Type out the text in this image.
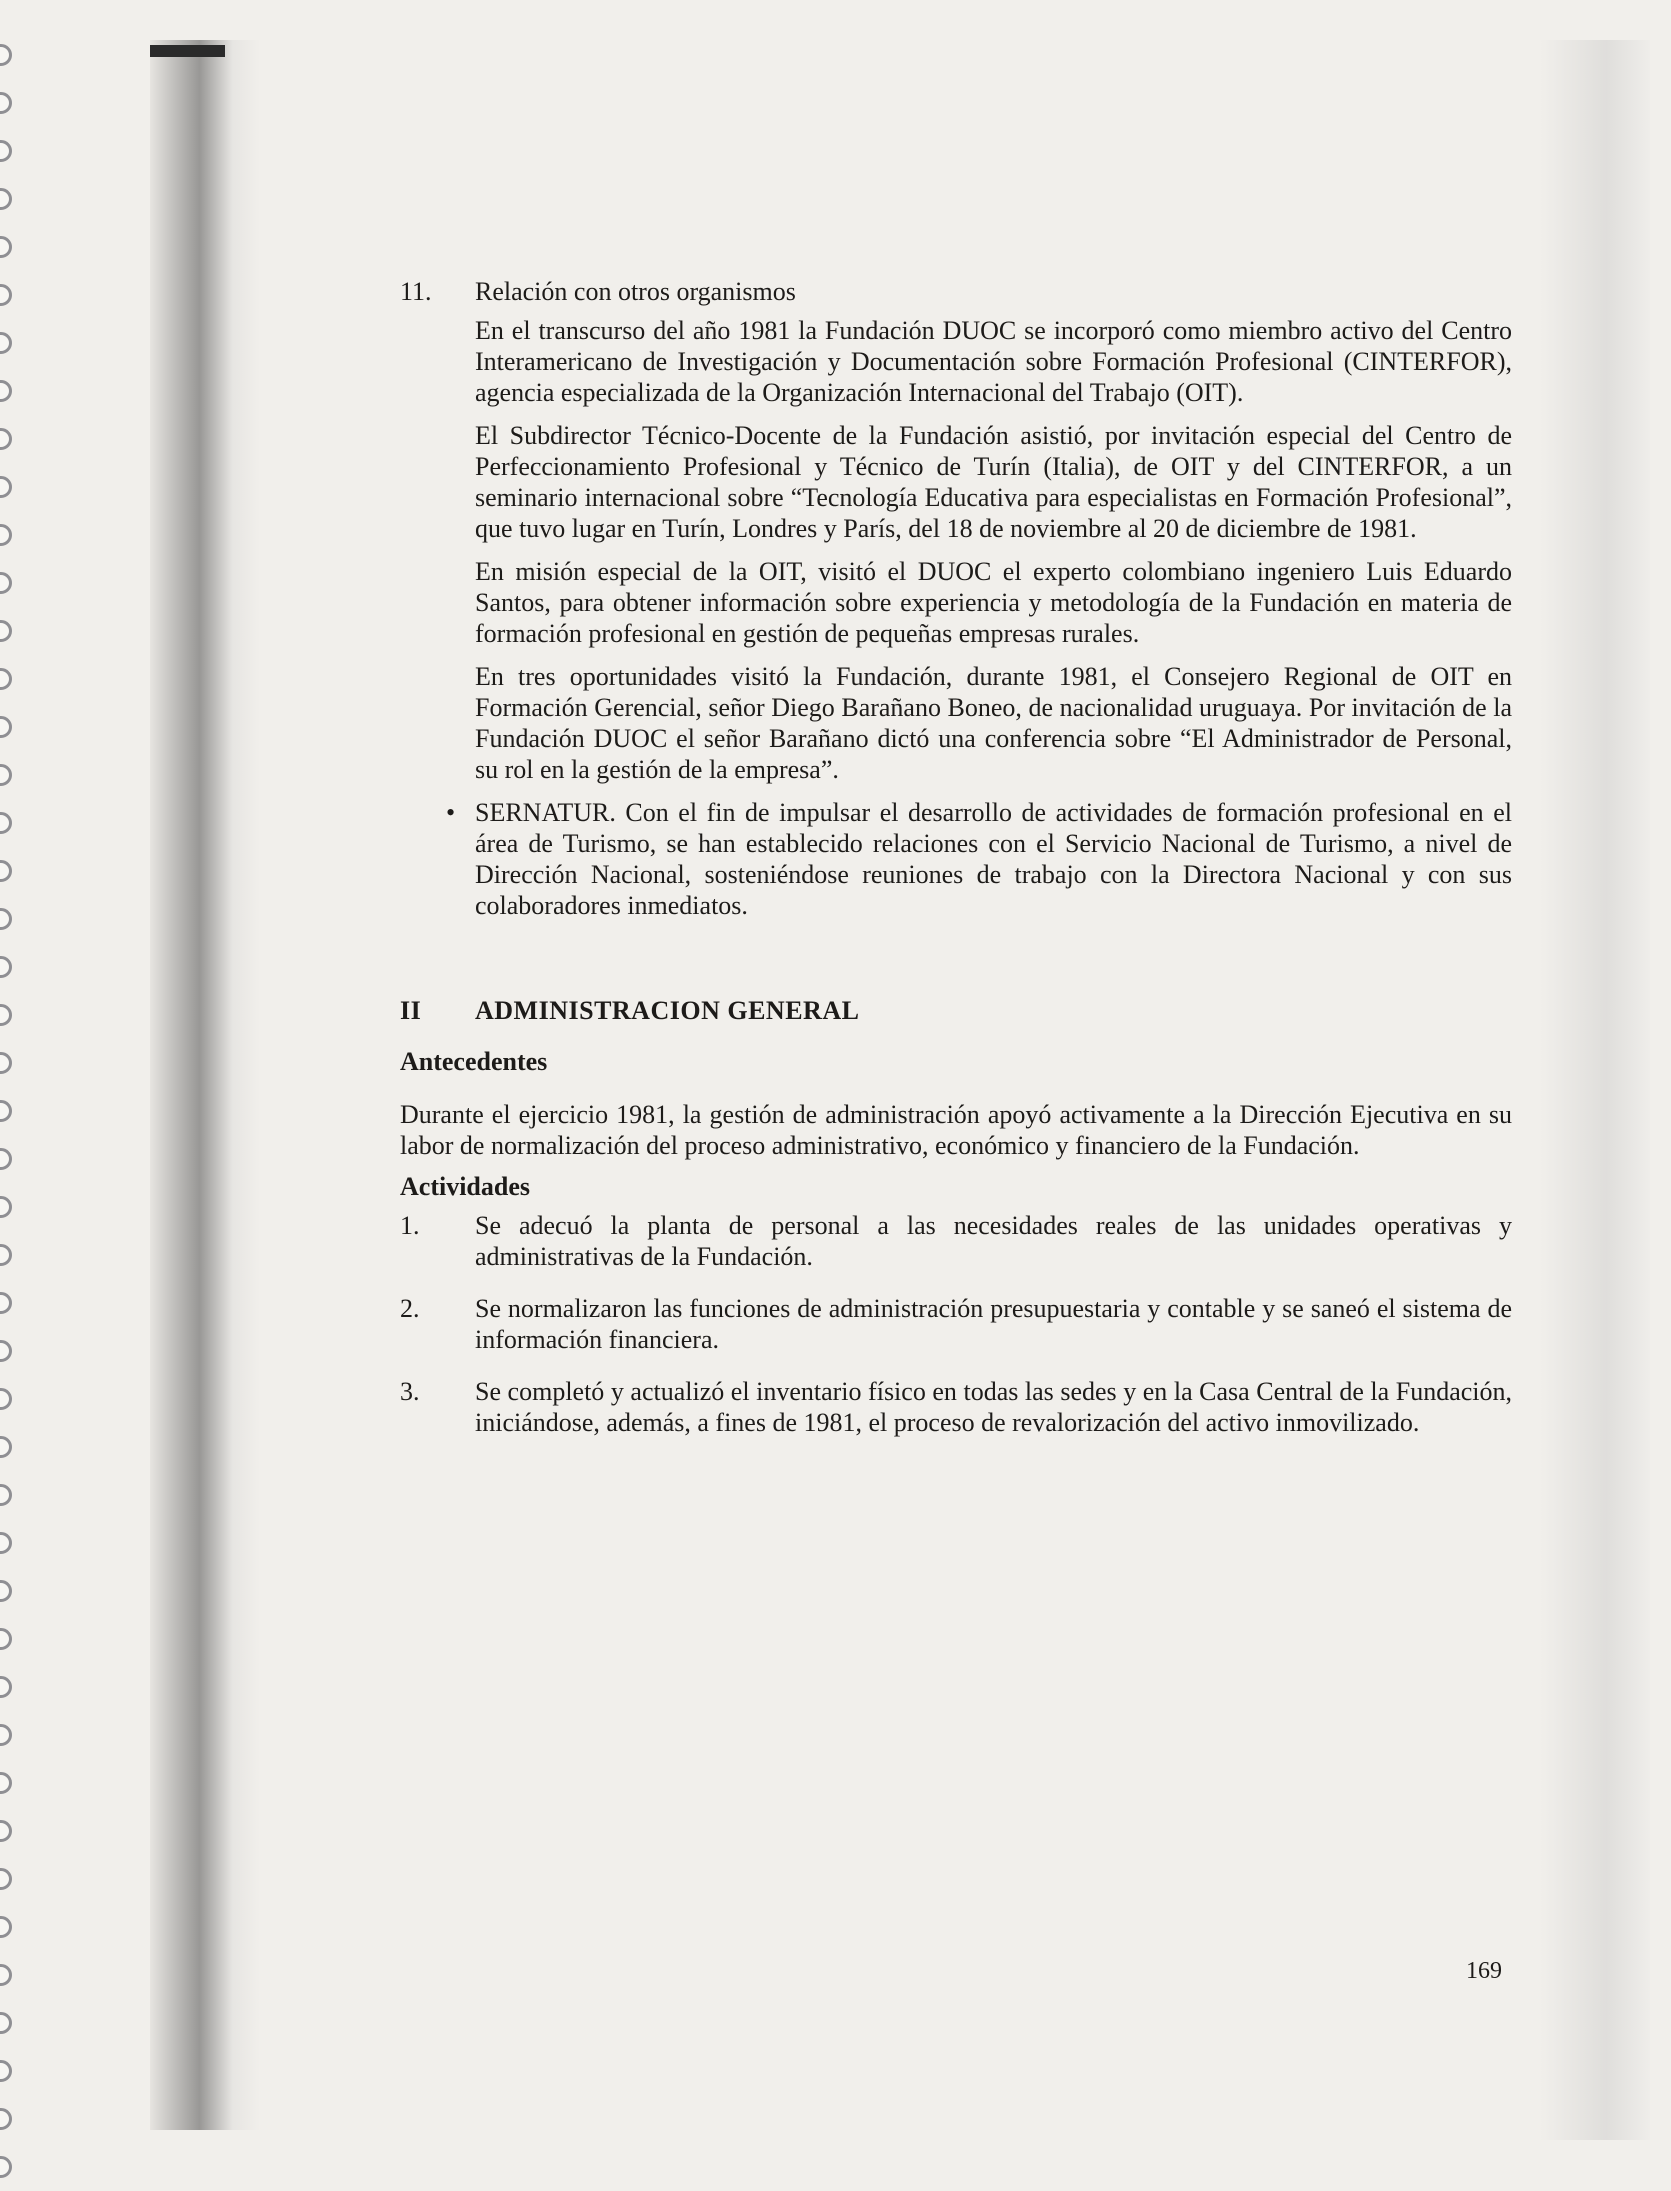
11.	Relación con otros organismos

En el transcurso del año 1981 la Fundación DUOC se incorporó como miembro activo del Centro Interamericano de Investigación y Documentación sobre Formación Profesional (CINTERFOR), agencia especializada de la Organización Internacional del Trabajo (OIT).

El Subdirector Técnico-Docente de la Fundación asistió, por invitación especial del Centro de Perfeccionamiento Profesional y Técnico de Turín (Italia), de OIT y del CINTERFOR, a un seminario internacional sobre “Tecnología Educativa para especialistas en Formación Profesional”, que tuvo lugar en Turín, Londres y París, del 18 de noviembre al 20 de diciembre de 1981.

En misión especial de la OIT, visitó el DUOC el experto colombiano ingeniero Luis Eduardo Santos, para obtener información sobre experiencia y metodología de la Fundación en materia de formación profesional en gestión de pequeñas empresas rurales.

En tres oportunidades visitó la Fundación, durante 1981, el Consejero Regional de OIT en Formación Gerencial, señor Diego Barañano Boneo, de nacionalidad uruguaya. Por invitación de la Fundación DUOC el señor Barañano dictó una conferencia sobre “El Administrador de Personal, su rol en la gestión de la empresa”.

• SERNATUR. Con el fin de impulsar el desarrollo de actividades de formación profesional en el área de Turismo, se han establecido relaciones con el Servicio Nacional de Turismo, a nivel de Dirección Nacional, sosteniéndose reuniones de trabajo con la Directora Nacional y con sus colaboradores inmediatos.

II	ADMINISTRACION GENERAL
Antecedentes

Durante el ejercicio 1981, la gestión de administración apoyó activamente a la Dirección Ejecutiva en su labor de normalización del proceso administrativo, económico y financiero de la Fundación.

Actividades
1.	Se adecuó la planta de personal a las necesidades reales de las unidades operativas y administrativas de la Fundación.
2.	Se normalizaron las funciones de administración presupuestaria y contable y se saneó el sistema de información financiera.
3.	Se completó y actualizó el inventario físico en todas las sedes y en la Casa Central de la Fundación, iniciándose, además, a fines de 1981, el proceso de revalorización del activo inmovilizado.
169
